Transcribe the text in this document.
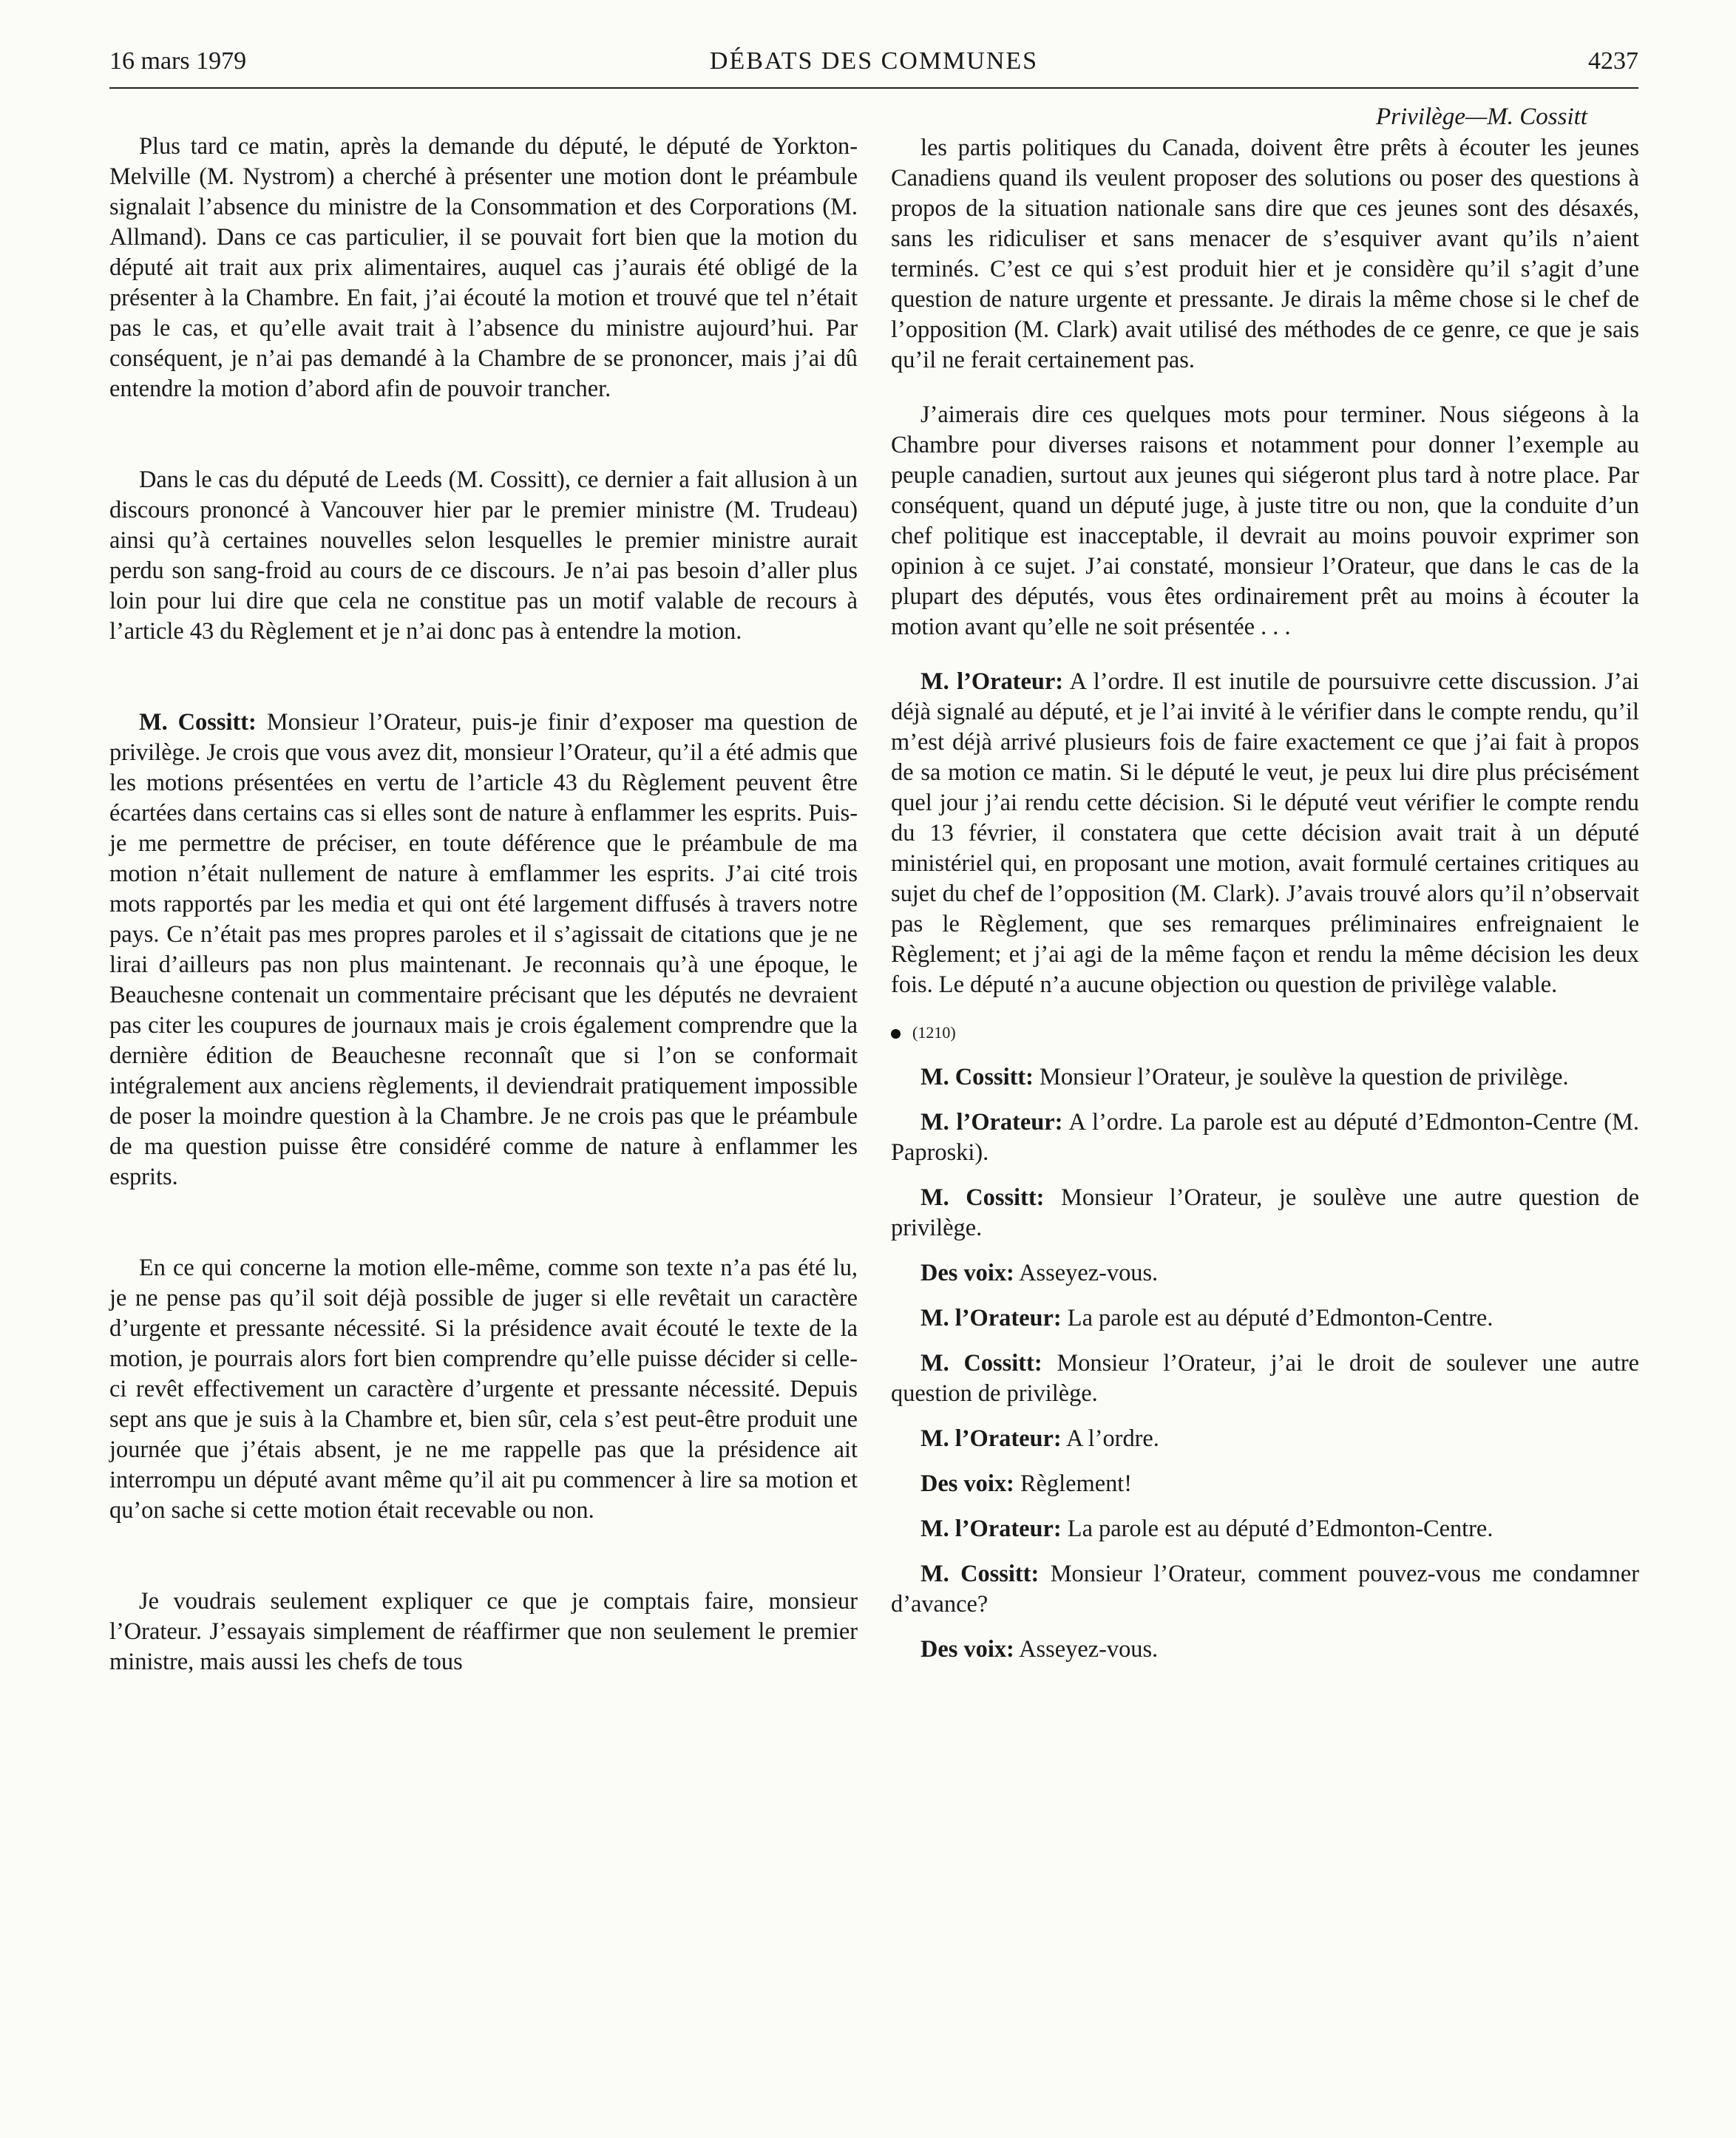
16 mars 1979	DÉBATS DES COMMUNES	4237

Plus tard ce matin, après la demande du député, le député de Yorkton-Melville (M. Nystrom) a cherché à présenter une motion dont le préambule signalait l’absence du ministre de la Consommation et des Corporations (M. Allmand). Dans ce cas particulier, il se pouvait fort bien que la motion du député ait trait aux prix alimentaires, auquel cas j’aurais été obligé de la présenter à la Chambre. En fait, j’ai écouté la motion et trouvé que tel n’était pas le cas, et qu’elle avait trait à l’absence du ministre aujourd’hui. Par conséquent, je n’ai pas demandé à la Chambre de se prononcer, mais j’ai dû entendre la motion d’abord afin de pouvoir trancher.

Dans le cas du député de Leeds (M. Cossitt), ce dernier a fait allusion à un discours prononcé à Vancouver hier par le premier ministre (M. Trudeau) ainsi qu’à certaines nouvelles selon lesquelles le premier ministre aurait perdu son sang-froid au cours de ce discours. Je n’ai pas besoin d’aller plus loin pour lui dire que cela ne constitue pas un motif valable de recours à l’article 43 du Règlement et je n’ai donc pas à entendre la motion.

M. Cossitt: Monsieur l’Orateur, puis-je finir d’exposer ma question de privilège. Je crois que vous avez dit, monsieur l’Orateur, qu’il a été admis que les motions présentées en vertu de l’article 43 du Règlement peuvent être écartées dans certains cas si elles sont de nature à enflammer les esprits. Puis-je me permettre de préciser, en toute déférence que le préambule de ma motion n’était nullement de nature à emflammer les esprits. J’ai cité trois mots rapportés par les media et qui ont été largement diffusés à travers notre pays. Ce n’était pas mes propres paroles et il s’agissait de citations que je ne lirai d’ailleurs pas non plus maintenant. Je reconnais qu’à une époque, le Beauchesne contenait un commentaire précisant que les députés ne devraient pas citer les coupures de journaux mais je crois également comprendre que la dernière édition de Beauchesne reconnaît que si l’on se conformait intégralement aux anciens règlements, il deviendrait pratiquement impossible de poser la moindre question à la Chambre. Je ne crois pas que le préambule de ma question puisse être considéré comme de nature à enflammer les esprits.

En ce qui concerne la motion elle-même, comme son texte n’a pas été lu, je ne pense pas qu’il soit déjà possible de juger si elle revêtait un caractère d’urgente et pressante nécessité. Si la présidence avait écouté le texte de la motion, je pourrais alors fort bien comprendre qu’elle puisse décider si celle-ci revêt effectivement un caractère d’urgente et pressante nécessité. Depuis sept ans que je suis à la Chambre et, bien sûr, cela s’est peut-être produit une journée que j’étais absent, je ne me rappelle pas que la présidence ait interrompu un député avant même qu’il ait pu commencer à lire sa motion et qu’on sache si cette motion était recevable ou non.

Je voudrais seulement expliquer ce que je comptais faire, monsieur l’Orateur. J’essayais simplement de réaffirmer que non seulement le premier ministre, mais aussi les chefs de tous

Privilège—M. Cossitt

les partis politiques du Canada, doivent être prêts à écouter les jeunes Canadiens quand ils veulent proposer des solutions ou poser des questions à propos de la situation nationale sans dire que ces jeunes sont des désaxés, sans les ridiculiser et sans menacer de s’esquiver avant qu’ils n’aient terminés. C’est ce qui s’est produit hier et je considère qu’il s’agit d’une question de nature urgente et pressante. Je dirais la même chose si le chef de l’opposition (M. Clark) avait utilisé des méthodes de ce genre, ce que je sais qu’il ne ferait certainement pas.

J’aimerais dire ces quelques mots pour terminer. Nous siégeons à la Chambre pour diverses raisons et notamment pour donner l’exemple au peuple canadien, surtout aux jeunes qui siégeront plus tard à notre place. Par conséquent, quand un député juge, à juste titre ou non, que la conduite d’un chef politique est inacceptable, il devrait au moins pouvoir exprimer son opinion à ce sujet. J’ai constaté, monsieur l’Orateur, que dans le cas de la plupart des députés, vous êtes ordinairement prêt au moins à écouter la motion avant qu’elle ne soit présentée . . .

M. l’Orateur: A l’ordre. Il est inutile de poursuivre cette discussion. J’ai déjà signalé au député, et je l’ai invité à le vérifier dans le compte rendu, qu’il m’est déjà arrivé plusieurs fois de faire exactement ce que j’ai fait à propos de sa motion ce matin. Si le député le veut, je peux lui dire plus précisément quel jour j’ai rendu cette décision. Si le député veut vérifier le compte rendu du 13 février, il constatera que cette décision avait trait à un député ministériel qui, en proposant une motion, avait formulé certaines critiques au sujet du chef de l’opposition (M. Clark). J’avais trouvé alors qu’il n’observait pas le Règlement, que ses remarques préliminaires enfreignaient le Règlement; et j’ai agi de la même façon et rendu la même décision les deux fois. Le député n’a aucune objection ou question de privilège valable.

(1210)

M. Cossitt: Monsieur l’Orateur, je soulève la question de privilège.

M. l’Orateur: A l’ordre. La parole est au député d’Edmonton-Centre (M. Paproski).

M. Cossitt: Monsieur l’Orateur, je soulève une autre question de privilège.

Des voix: Asseyez-vous.

M. l’Orateur: La parole est au député d’Edmonton-Centre.

M. Cossitt: Monsieur l’Orateur, j’ai le droit de soulever une autre question de privilège.

M. l’Orateur: A l’ordre.

Des voix: Règlement!

M. l’Orateur: La parole est au député d’Edmonton-Centre.

M. Cossitt: Monsieur l’Orateur, comment pouvez-vous me condamner d’avance?

Des voix: Asseyez-vous.
